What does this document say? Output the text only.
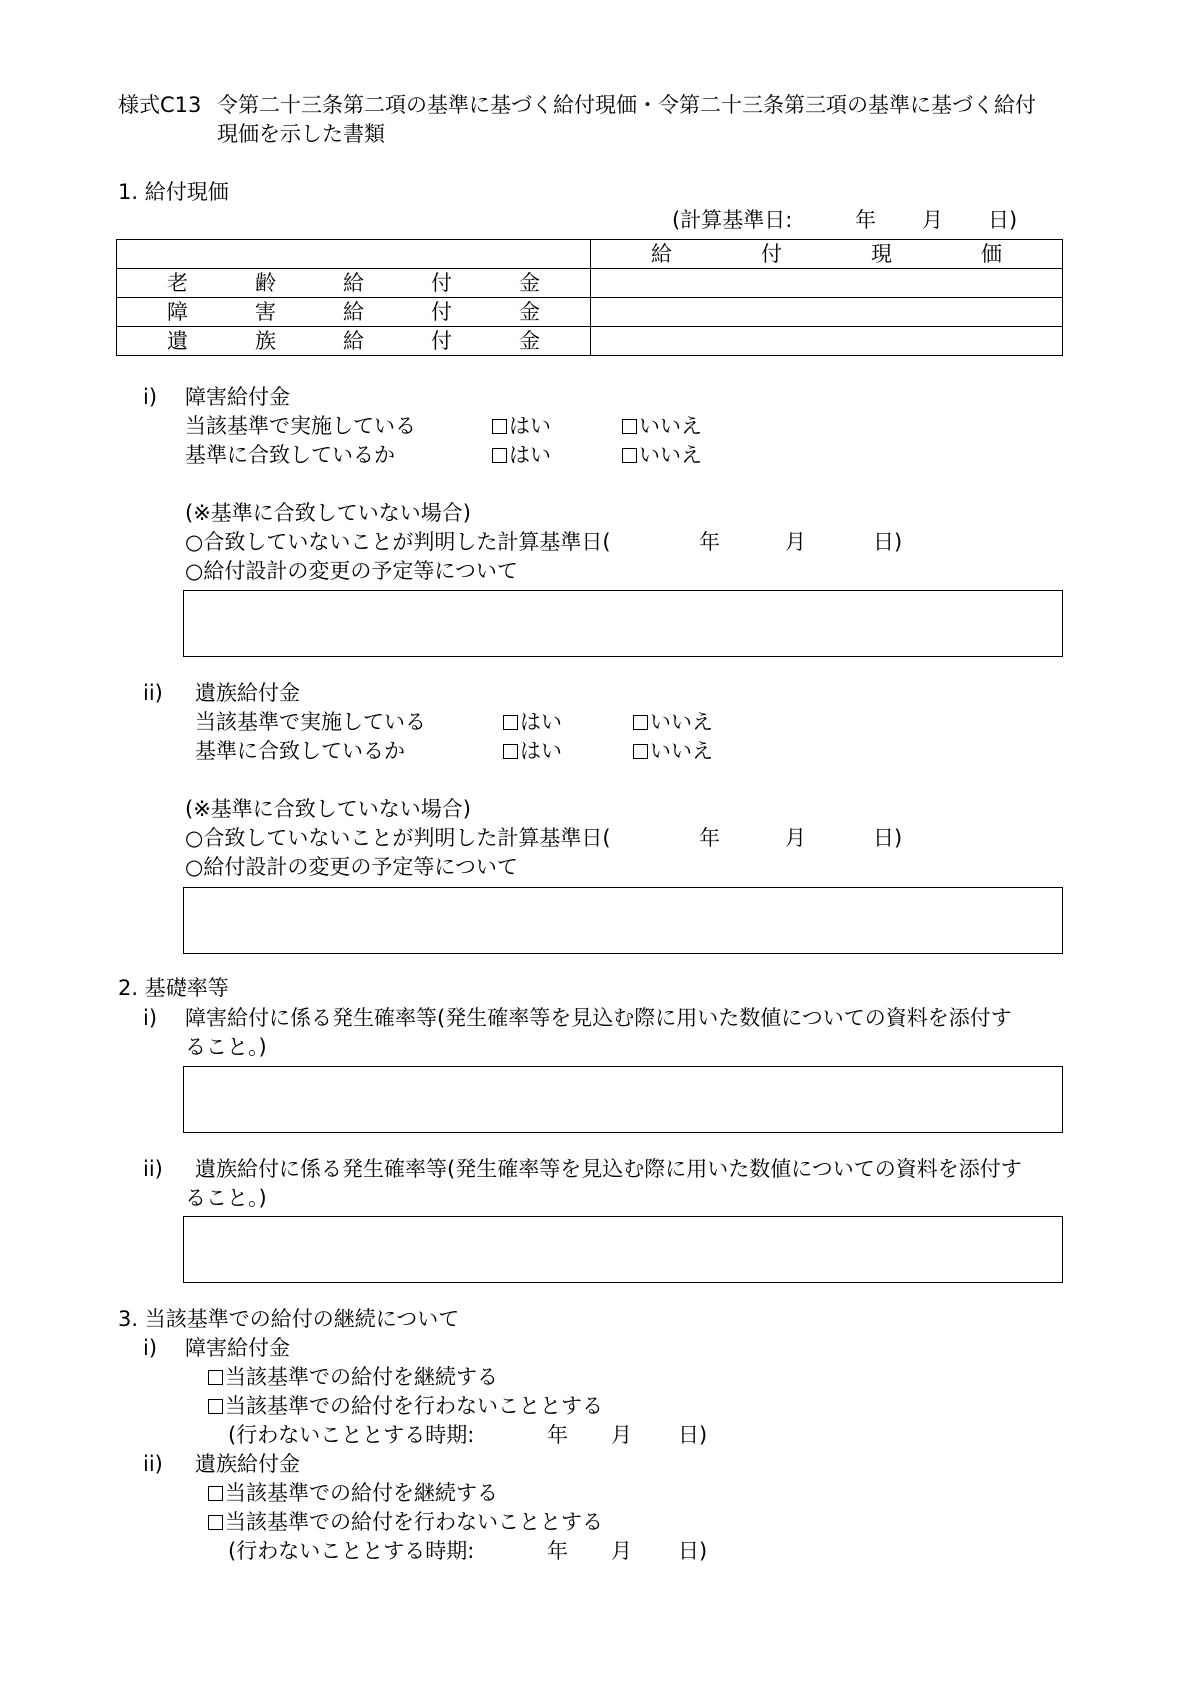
様式C13 令第二十三条第二項の基準に基づく給付現価・令第二十三条第三項の基準に基づく給付
現価を示した書類
1. 給付現価
(計算基準日:	年 月 日)

	給 付 現 価

老 齢 給 付 金	

障 害 給 付 金	

遺 族 給 付 金	

i) 障害給付金
当該基準で実施している	はい	いいえ
基準に合致しているか	はい	いいえ
(※基準に合致していない場合)
○合致していないことが判明した計算基準日(	年	月	日)
○給付設計の変更の予定等について
ii) 遺族給付金
当該基準で実施している	はい	いいえ
基準に合致しているか	はい	いいえ
(※基準に合致していない場合)
○合致していないことが判明した計算基準日(	年	月	日)
○給付設計の変更の予定等について
2. 基礎率等
i) 障害給付に係る発生確率等(発生確率等を見込む際に用いた数値についての資料を添付す
ること。)
ii) 遺族給付に係る発生確率等(発生確率等を見込む際に用いた数値についての資料を添付す
ること。)
3. 当該基準での給付の継続について
i) 障害給付金
当該基準での給付を継続する
当該基準での給付を行わないこととする
(行わないこととする時期:	年 月 日)
ii) 遺族給付金
当該基準での給付を継続する
当該基準での給付を行わないこととする
(行わないこととする時期:	年 月 日)
